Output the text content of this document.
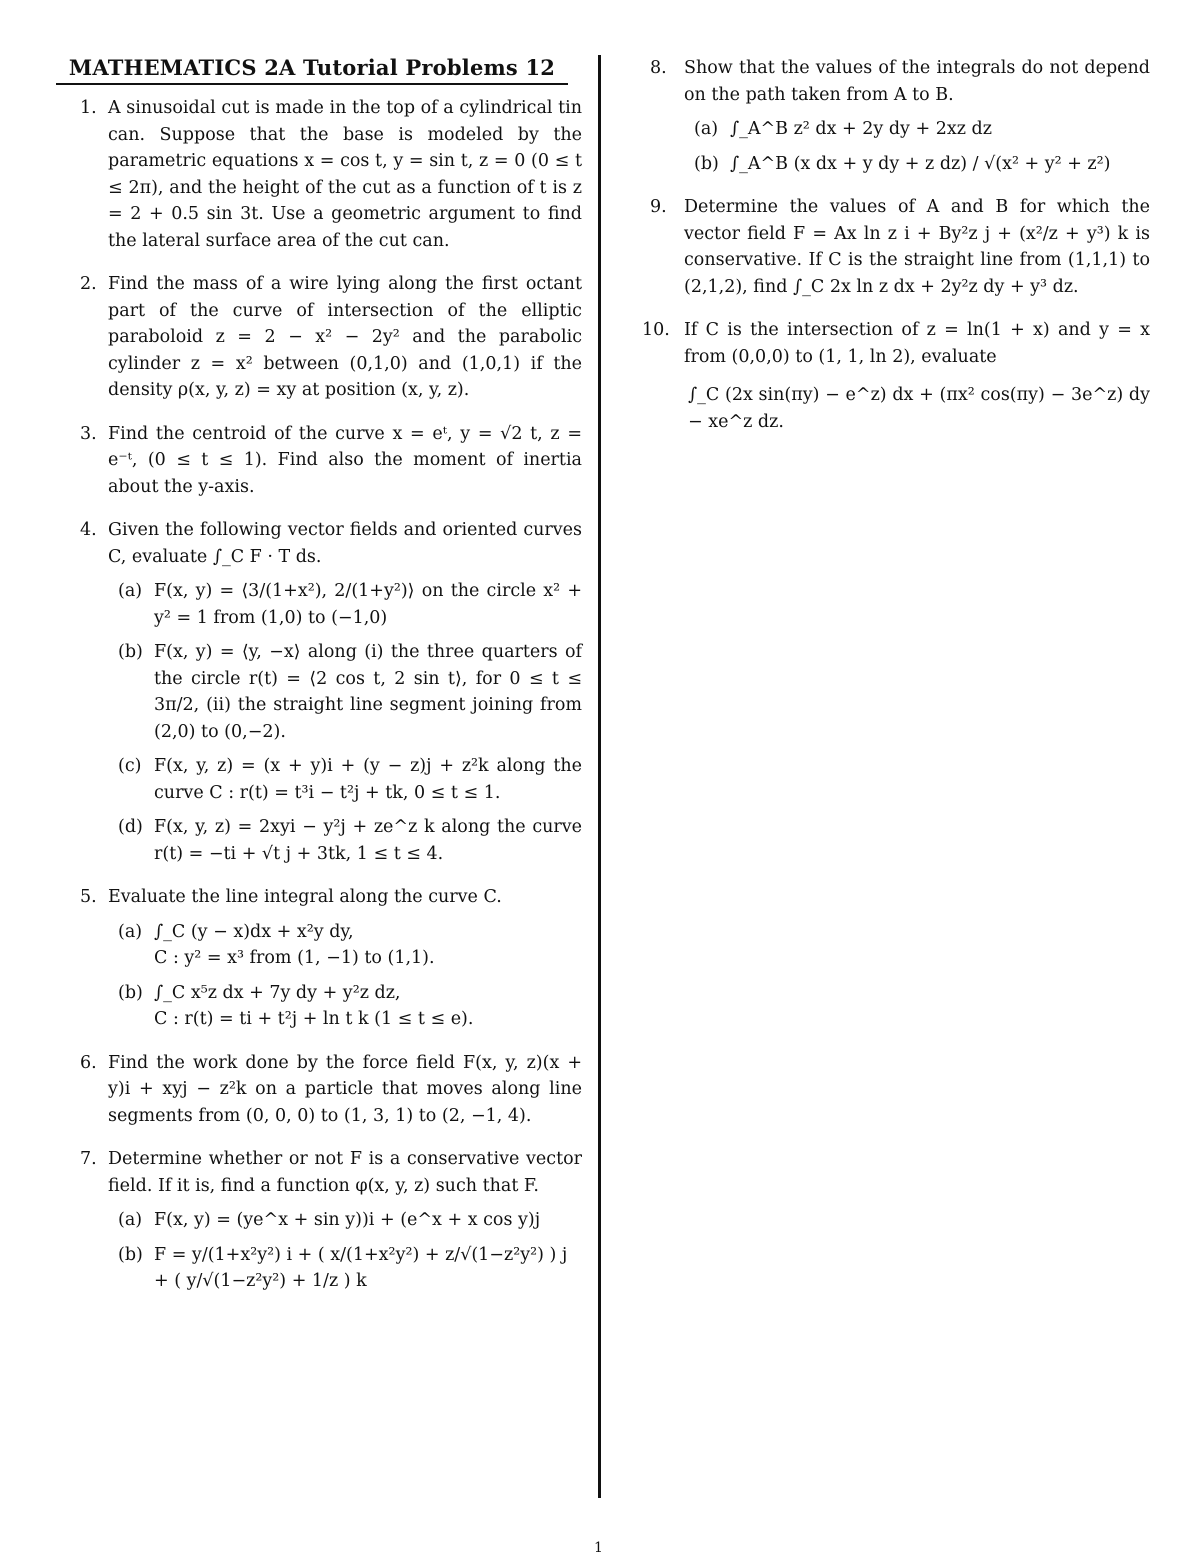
MATHEMATICS 2A Tutorial Problems 12
1. A sinusoidal cut is made in the top of a cylindrical tin can. Suppose that the base is modeled by the parametric equations x = cos t, y = sin t, z = 0 (0 ≤ t ≤ 2π), and the height of the cut as a function of t is z = 2 + 0.5 sin 3t. Use a geometric argument to find the lateral surface area of the cut can.
2. Find the mass of a wire lying along the first octant part of the curve of intersection of the elliptic paraboloid z = 2 − x² − 2y² and the parabolic cylinder z = x² between (0,1,0) and (1,0,1) if the density ρ(x, y, z) = xy at position (x, y, z).
3. Find the centroid of the curve x = eᵗ, y = √2 t, z = e⁻ᵗ, (0 ≤ t ≤ 1). Find also the moment of inertia about the y-axis.
4. Given the following vector fields and oriented curves C, evaluate ∫_C F · T ds.
(a) F(x, y) = ⟨3/(1+x²), 2/(1+y²)⟩ on the circle x² + y² = 1 from (1,0) to (−1,0)
(b) F(x, y) = ⟨y, −x⟩ along (i) the three quarters of the circle r(t) = ⟨2 cos t, 2 sin t⟩, for 0 ≤ t ≤ 3π/2, (ii) the straight line segment joining from (2,0) to (0,−2).
(c) F(x, y, z) = (x + y)i + (y − z)j + z²k along the curve C : r(t) = t³i − t²j + tk, 0 ≤ t ≤ 1.
(d) F(x, y, z) = 2xyi − y²j + ze^z k along the curve r(t) = −ti + √t j + 3tk, 1 ≤ t ≤ 4.
5. Evaluate the line integral along the curve C.
(a) ∫_C (y − x)dx + x²y dy,
C : y² = x³ from (1, −1) to (1,1).
(b) ∫_C x⁵z dx + 7y dy + y²z dz,
C : r(t) = ti + t²j + ln t k (1 ≤ t ≤ e).
6. Find the work done by the force field F(x, y, z)(x + y)i + xyj − z²k on a particle that moves along line segments from (0, 0, 0) to (1, 3, 1) to (2, −1, 4).
7. Determine whether or not F is a conservative vector field. If it is, find a function φ(x, y, z) such that F.
(a) F(x, y) = (ye^x + sin y))i + (e^x + x cos y)j
(b) F = y/(1+x²y²) i + ( x/(1+x²y²) + z/√(1−z²y²) ) j
+ ( y/√(1−z²y²) + 1/z ) k
8. Show that the values of the integrals do not depend on the path taken from A to B.
(a) ∫_A^B z² dx + 2y dy + 2xz dz
(b) ∫_A^B (x dx + y dy + z dz) / √(x² + y² + z²)
9. Determine the values of A and B for which the vector field F = Ax ln z i + By²z j + (x²/z + y³) k is conservative. If C is the straight line from (1,1,1) to (2,1,2), find ∫_C 2x ln z dx + 2y²z dy + y³ dz.
10. If C is the intersection of z = ln(1 + x) and y = x from (0,0,0) to (1, 1, ln 2), evaluate
∫_C (2x sin(πy) − e^z) dx + (πx² cos(πy) − 3e^z) dy − xe^z dz.
1
